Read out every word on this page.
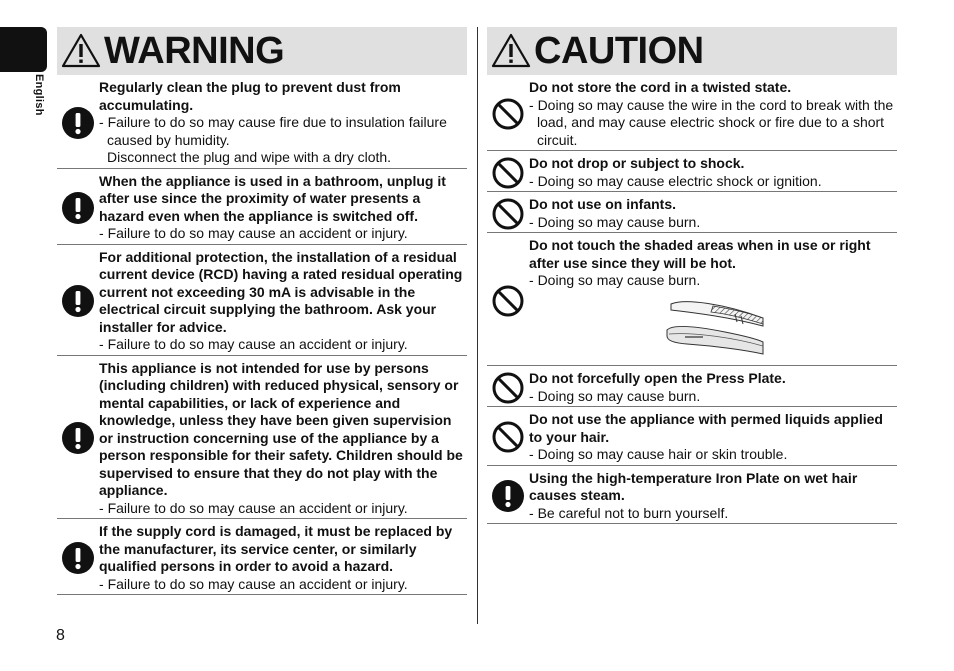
English
WARNING
Regularly clean the plug to prevent dust from accumulating.
- Failure to do so may cause fire due to insulation failure caused by humidity.
Disconnect the plug and wipe with a dry cloth.
When the appliance is used in a bathroom, unplug it after use since the proximity of water presents a hazard even when the appliance is switched off.
- Failure to do so may cause an accident or injury.
For additional protection, the installation of a residual current device (RCD) having a rated residual operating current not exceeding 30 mA is advisable in the electrical circuit supplying the bathroom. Ask your installer for advice.
- Failure to do so may cause an accident or injury.
This appliance is not intended for use by persons (including children) with reduced physical, sensory or mental capabilities, or lack of experience and knowledge, unless they have been given supervision or instruction concerning use of the appliance by a person responsible for their safety. Children should be supervised to ensure that they do not play with the appliance.
- Failure to do so may cause an accident or injury.
If the supply cord is damaged, it must be replaced by the manufacturer, its service center, or similarly qualified persons in order to avoid a hazard.
- Failure to do so may cause an accident or injury.
CAUTION
Do not store the cord in a twisted state.
- Doing so may cause the wire in the cord to break with the load, and may cause electric shock or fire due to a short circuit.
Do not drop or subject to shock.
- Doing so may cause electric shock or ignition.
Do not use on infants.
- Doing so may cause burn.
Do not touch the shaded areas when in use or right after use since they will be hot.
- Doing so may cause burn.
Do not forcefully open the Press Plate.
- Doing so may cause burn.
Do not use the appliance with permed liquids applied to your hair.
- Doing so may cause hair or skin trouble.
Using the high-temperature Iron Plate on wet hair causes steam.
- Be careful not to burn yourself.
8
